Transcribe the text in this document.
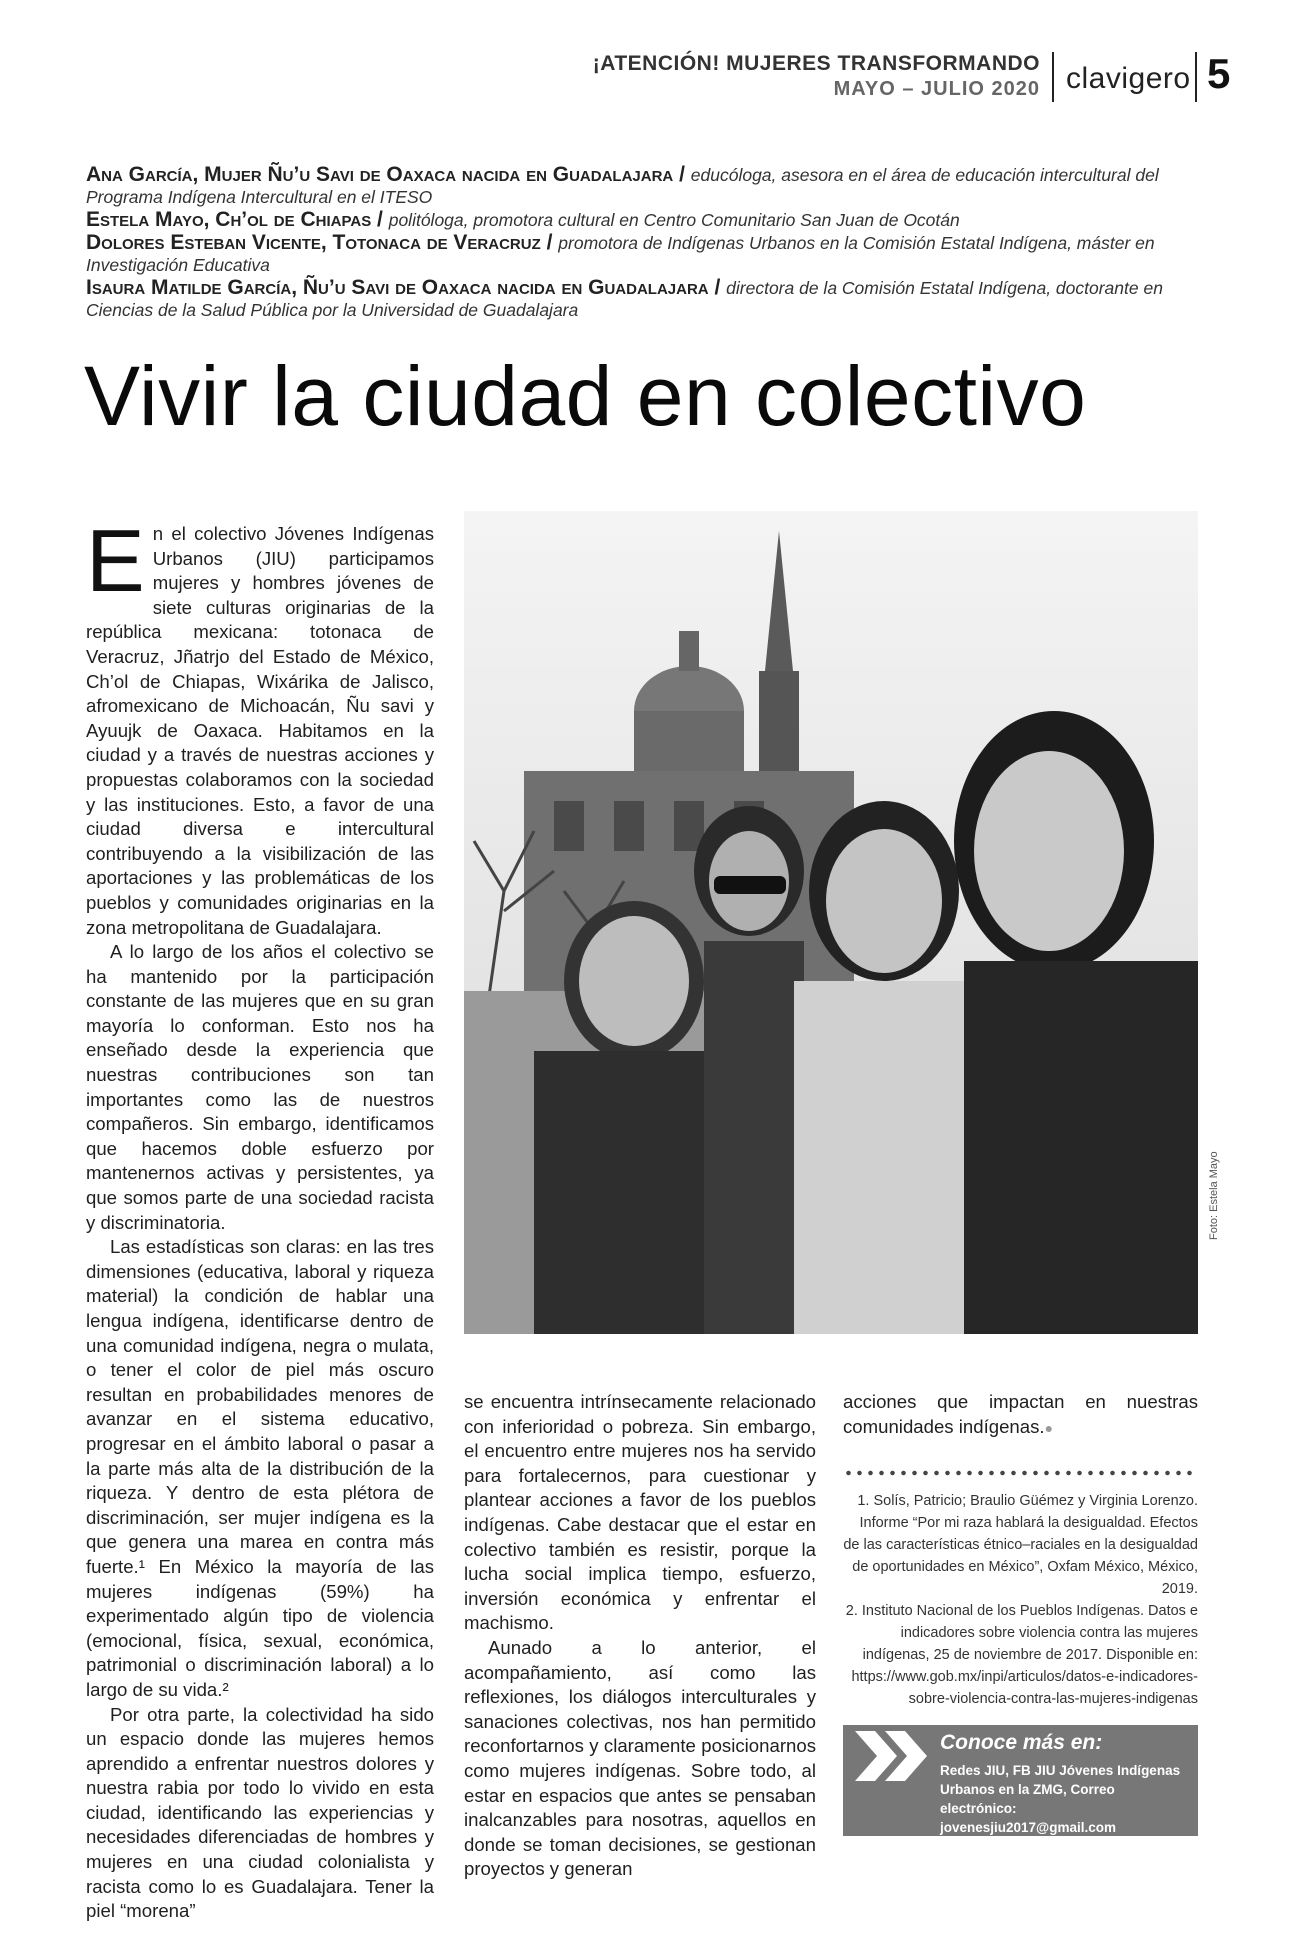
¡ATENCIÓN! MUJERES TRANSFORMANDO
MAYO – JULIO 2020 clavigero 5
Ana García, Mujer Ñu’u Savi de Oaxaca nacida en Guadalajara / educóloga, asesora en el área de educación intercultural del Programa Indígena Intercultural en el ITESO
Estela Mayo, Ch’ol de Chiapas / politóloga, promotora cultural en Centro Comunitario San Juan de Ocotán
Dolores Esteban Vicente, Totonaca de Veracruz / promotora de Indígenas Urbanos en la Comisión Estatal Indígena, máster en Investigación Educativa
Isaura Matilde García, Ñu’u Savi de Oaxaca nacida en Guadalajara / directora de la Comisión Estatal Indígena, doctorante en Ciencias de la Salud Pública por la Universidad de Guadalajara
Vivir la ciudad en colectivo

En el colectivo Jóvenes Indígenas Urbanos (JIU) participamos mujeres y hombres jóvenes de siete culturas originarias de la república mexicana: totonaca de Veracruz, Jñatrjo del Estado de México, Ch’ol de Chiapas, Wixárika de Jalisco, afromexicano de Michoacán, Ñu savi y Ayuujk de Oaxaca. Habitamos en la ciudad y a través de nuestras acciones y propuestas colaboramos con la sociedad y las instituciones. Esto, a favor de una ciudad diversa e intercultural contribuyendo a la visibilización de las aportaciones y las problemáticas de los pueblos y comunidades originarias en la zona metropolitana de Guadalajara.

A lo largo de los años el colectivo se ha mantenido por la participación constante de las mujeres que en su gran mayoría lo conforman. Esto nos ha enseñado desde la experiencia que nuestras contribuciones son tan importantes como las de nuestros compañeros. Sin embargo, identificamos que hacemos doble esfuerzo por mantenernos activas y persistentes, ya que somos parte de una sociedad racista y discriminatoria.

Las estadísticas son claras: en las tres dimensiones (educativa, laboral y riqueza material) la condición de hablar una lengua indígena, identificarse dentro de una comunidad indígena, negra o mulata, o tener el color de piel más oscuro resultan en probabilidades menores de avanzar en el sistema educativo, progresar en el ámbito laboral o pasar a la parte más alta de la distribución de la riqueza. Y dentro de esta plétora de discriminación, ser mujer indígena es la que genera una marea en contra más fuerte.¹ En México la mayoría de las mujeres indígenas (59%) ha experimentado algún tipo de violencia (emocional, física, sexual, económica, patrimonial o discriminación laboral) a lo largo de su vida.²

Por otra parte, la colectividad ha sido un espacio donde las mujeres hemos aprendido a enfrentar nuestros dolores y nuestra rabia por todo lo vivido en esta ciudad, identificando las experiencias y necesidades diferenciadas de hombres y mujeres en una ciudad colonialista y racista como lo es Guadalajara. Tener la piel “morena”

Foto: Estela Mayo

se encuentra intrínsecamente relacionado con inferioridad o pobreza. Sin embargo, el encuentro entre mujeres nos ha servido para fortalecernos, para cuestionar y plantear acciones a favor de los pueblos indígenas. Cabe destacar que el estar en colectivo también es resistir, porque la lucha social implica tiempo, esfuerzo, inversión económica y enfrentar el machismo.

Aunado a lo anterior, el acompañamiento, así como las reflexiones, los diálogos interculturales y sanaciones colectivas, nos han permitido reconfortarnos y claramente posicionarnos como mujeres indígenas. Sobre todo, al estar en espacios que antes se pensaban inalcanzables para nosotras, aquellos en donde se toman decisiones, se gestionan proyectos y generan

acciones que impactan en nuestras comunidades indígenas.●

1. Solís, Patricio; Braulio Güémez y Virginia Lorenzo. Informe “Por mi raza hablará la desigualdad. Efectos de las características étnico–raciales en la desigualdad de oportunidades en México”, Oxfam México, México, 2019.

2. Instituto Nacional de los Pueblos Indígenas. Datos e indicadores sobre violencia contra las mujeres indígenas, 25 de noviembre de 2017. Disponible en: https://www.gob.mx/inpi/articulos/datos-e-indicadores-sobre-violencia-contra-las-mujeres-indigenas

Conoce más en:
Redes JIU, FB JIU Jóvenes Indígenas Urbanos en la ZMG, Correo electrónico: jovenesjiu2017@gmail.com
